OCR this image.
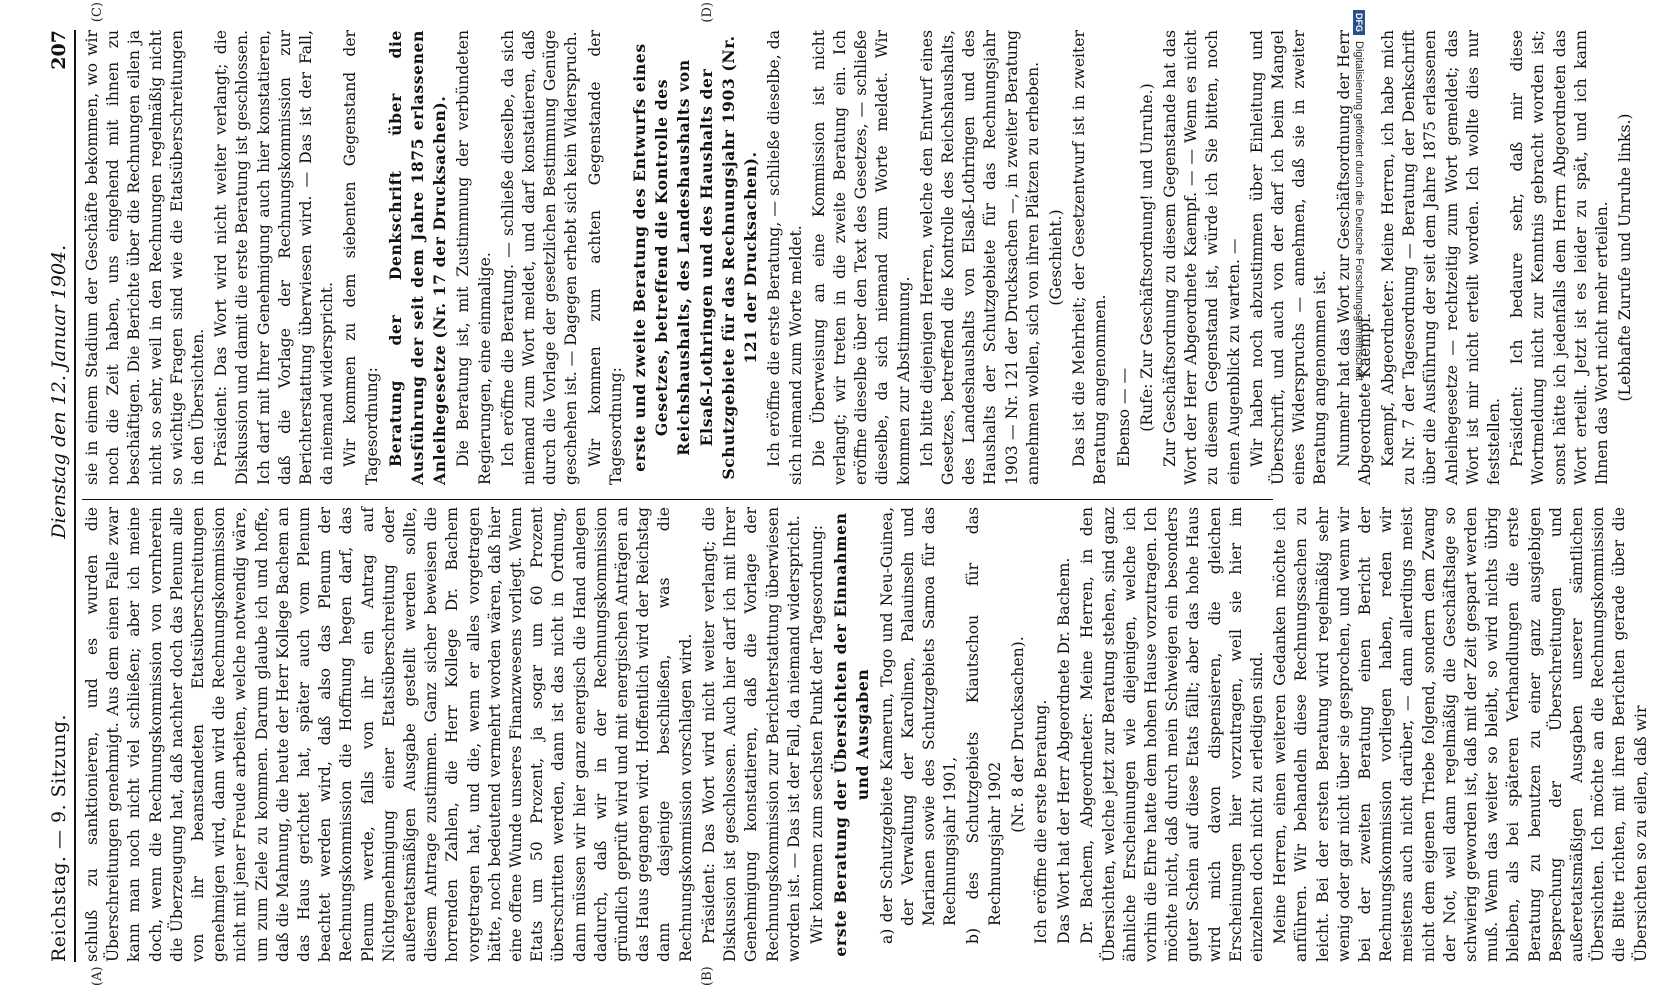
Reichstag. — 9. Sitzung.
Dienstag den 12. Januar 1904.
207

schluß zu sanktionieren, und es wurden die Überschreitungen genehmigt. Aus dem einen Falle zwar kann man noch nicht viel schließen; aber ich meine doch, wenn die Rechnungskommission von vornherein die Überzeugung hat, daß nachher doch das Plenum alle von ihr beanstandeten Etatsüberschreitungen genehmigen wird, dann wird die Rechnungskommission nicht mit jener Freude arbeiten, welche notwendig wäre, um zum Ziele zu kommen. Darum glaube ich und hoffe, daß die Mahnung, die heute der Herr Kollege Bachem an das Haus gerichtet hat, später auch vom Plenum beachtet werden wird, daß also das Plenum der Rechnungskommission die Hoffnung hegen darf, das Plenum werde, falls von ihr ein Antrag auf Nichtgenehmigung einer Etatsüberschreitung oder außeretatsmäßigen Ausgabe gestellt werden sollte, diesem Antrage zustimmen. Ganz sicher beweisen die horrenden Zahlen, die Herr Kollege Dr. Bachem vorgetragen hat, und die, wenn er alles vorgetragen hätte, noch bedeutend vermehrt worden wären, daß hier eine offene Wunde unseres Finanzwesens vorliegt. Wenn Etats um 50 Prozent, ja sogar um 60 Prozent überschritten werden, dann ist das nicht in Ordnung, dann müssen wir hier ganz energisch die Hand anlegen dadurch, daß wir in der Rechnungskommission gründlich geprüft wird und mit energischen Anträgen an das Haus gegangen wird. Hoffentlich wird der Reichstag dann dasjenige beschließen, was die Rechnungskommission vorschlagen wird. Präsident: Das Wort wird nicht weiter verlangt; die Diskussion ist geschlossen. Auch hier darf ich mit Ihrer Genehmigung konstatieren, daß die Vorlage der Rechnungskommission zur Berichterstattung überwiesen worden ist. — Das ist der Fall, da niemand widerspricht. Wir kommen zum sechsten Punkt der Tagesordnung: erste Beratung der Übersichten der Einnahmen und Ausgaben a) der Schutzgebiete Kamerun, Togo und Neu-Guinea, der Verwaltung der Karolinen, Palauinseln und Marianen sowie des Schutzgebiets Samoa für das Rechnungsjahr 1901, b) des Schutzgebiets Kiautschou für das Rechnungsjahr 1902

(Nr. 8 der Drucksachen). Ich eröffne die erste Beratung. Das Wort hat der Herr Abgeordnete Dr. Bachem. Dr. Bachem, Abgeordneter: Meine Herren, in den Übersichten, welche jetzt zur Beratung stehen, sind ganz ähnliche Erscheinungen wie diejenigen, welche ich vorhin die Ehre hatte dem hohen Hause vorzutragen. Ich möchte nicht, daß durch mein Schweigen ein besonders guter Schein auf diese Etats fällt; aber das hohe Haus wird mich davon dispensieren, die gleichen Erscheinungen hier vorzutragen, weil sie hier im einzelnen doch nicht zu erledigen sind. Meine Herren, einen weiteren Gedanken möchte ich anführen. Wir behandeln diese Rechnungssachen zu leicht. Bei der ersten Beratung wird regelmäßig sehr wenig oder gar nicht über sie gesprochen, und wenn wir bei der zweiten Beratung einen Bericht der Rechnungskommission vorliegen haben, reden wir meistens auch nicht darüber, — dann allerdings meist nicht dem eigenen Triebe folgend, sondern dem Zwang der Not, weil dann regelmäßig die Geschäftslage so schwierig geworden ist, daß mit der Zeit gespart werden muß. Wenn das weiter so bleibt, so wird nichts übrig bleiben, als bei späteren Verhandlungen die erste Beratung zu benutzen zu einer ganz ausgiebigen Besprechung der Überschreitungen und außeretatsmäßigen Ausgaben unserer sämtlichen Übersichten. Ich möchte an die Rechnungskommission die Bitte richten, mit ihren Berichten gerade über die Übersichten so zu eilen, daß wir

sie in einem Stadium der Geschäfte bekommen, wo wir noch die Zeit haben, uns eingehend mit ihnen zu beschäftigen. Die Berichte über die Rechnungen eilen ja nicht so sehr, weil in den Rechnungen regelmäßig nicht so wichtige Fragen sind wie die Etatsüberschreitungen in den Übersichten. Präsident: Das Wort wird nicht weiter verlangt; die Diskussion und damit die erste Beratung ist geschlossen. Ich darf mit Ihrer Genehmigung auch hier konstatieren, daß die Vorlage der Rechnungskommission zur Berichterstattung überwiesen wird. — Das ist der Fall, da niemand widerspricht. Wir kommen zu dem siebenten Gegenstand der Tagesordnung: Beratung der Denkschrift über die Ausführung der seit dem Jahre 1875 erlassenen Anleihegesetze (Nr. 17 der Drucksachen). Die Beratung ist, mit Zustimmung der verbündeten Regierungen, eine einmalige. Ich eröffne die Beratung. — schließe dieselbe, da sich niemand zum Wort meldet, und darf konstatieren, daß durch die Vorlage der gesetzlichen Bestimmung Genüge geschehen ist. — Dagegen erhebt sich kein Widerspruch. Wir kommen zum achten Gegenstande der Tagesordnung: erste und zweite Beratung des Entwurfs eines Gesetzes, betreffend die Kontrolle des Reichshaushalts, des Landeshaushalts von Elsaß-Lothringen und des Haushalts der Schutzgebiete für das Rechnungsjahr 1903 (Nr. 121 der Drucksachen). Ich eröffne die erste Beratung, — schließe dieselbe, da sich niemand zum Worte meldet. Die Überweisung an eine Kommission ist nicht verlangt; wir treten in die zweite Beratung ein. Ich eröffne dieselbe über den Text des Gesetzes, — schließe dieselbe, da sich niemand zum Worte meldet. Wir kommen zur Abstimmung. Ich bitte diejenigen Herren, welche den Entwurf eines Gesetzes, betreffend die Kontrolle des Reichshaushalts, des Landeshaushalts von Elsaß-Lothringen und des Haushalts der Schutzgebiete für das Rechnungsjahr 1903 — Nr. 121 der Drucksachen —, in zweiter Beratung annehmen wollen, sich von ihren Plätzen zu erheben. (Geschieht.) Das ist die Mehrheit; der Gesetzentwurf ist in zweiter Beratung angenommen. Ebenso — — (Rufe: Zur Geschäftsordnung! und Unruhe.) Zur Geschäftsordnung zu diesem Gegenstande hat das Wort der Herr Abgeordnete Kaempf. — — Wenn es nicht zu diesem Gegenstand ist, würde ich Sie bitten, noch einen Augenblick zu warten. — Wir haben noch abzustimmen über Einleitung und Überschrift, und auch von der darf ich beim Mangel eines Widerspruchs — annehmen, daß sie in zweiter Beratung angenommen ist. Nunmehr hat das Wort zur Geschäftsordnung der Herr Abgeordnete Kaempf. Kaempf, Abgeordneter: Meine Herren, ich habe mich zu Nr. 7 der Tagesordnung — Beratung der Denkschrift über die Ausführung der seit dem Jahre 1875 erlassenen Anleihegesetze — rechtzeitig zum Wort gemeldet; das Wort ist mir nicht erteilt worden. Ich wollte dies nur feststellen. Präsident: Ich bedaure sehr, daß mir diese Wortmeldung nicht zur Kenntnis gebracht worden ist; sonst hätte ich jedenfalls dem Herrn Abgeordneten das Wort erteilt. Jetzt ist es leider zu spät, und ich kann Ihnen das Wort nicht mehr erteilen. (Lebhafte Zurufe und Unruhe links.)

(A)	(B)
(C)	(D)	DFG
Digitalisierung gefördert durch die Deutsche Forschungsgemeinschaft
